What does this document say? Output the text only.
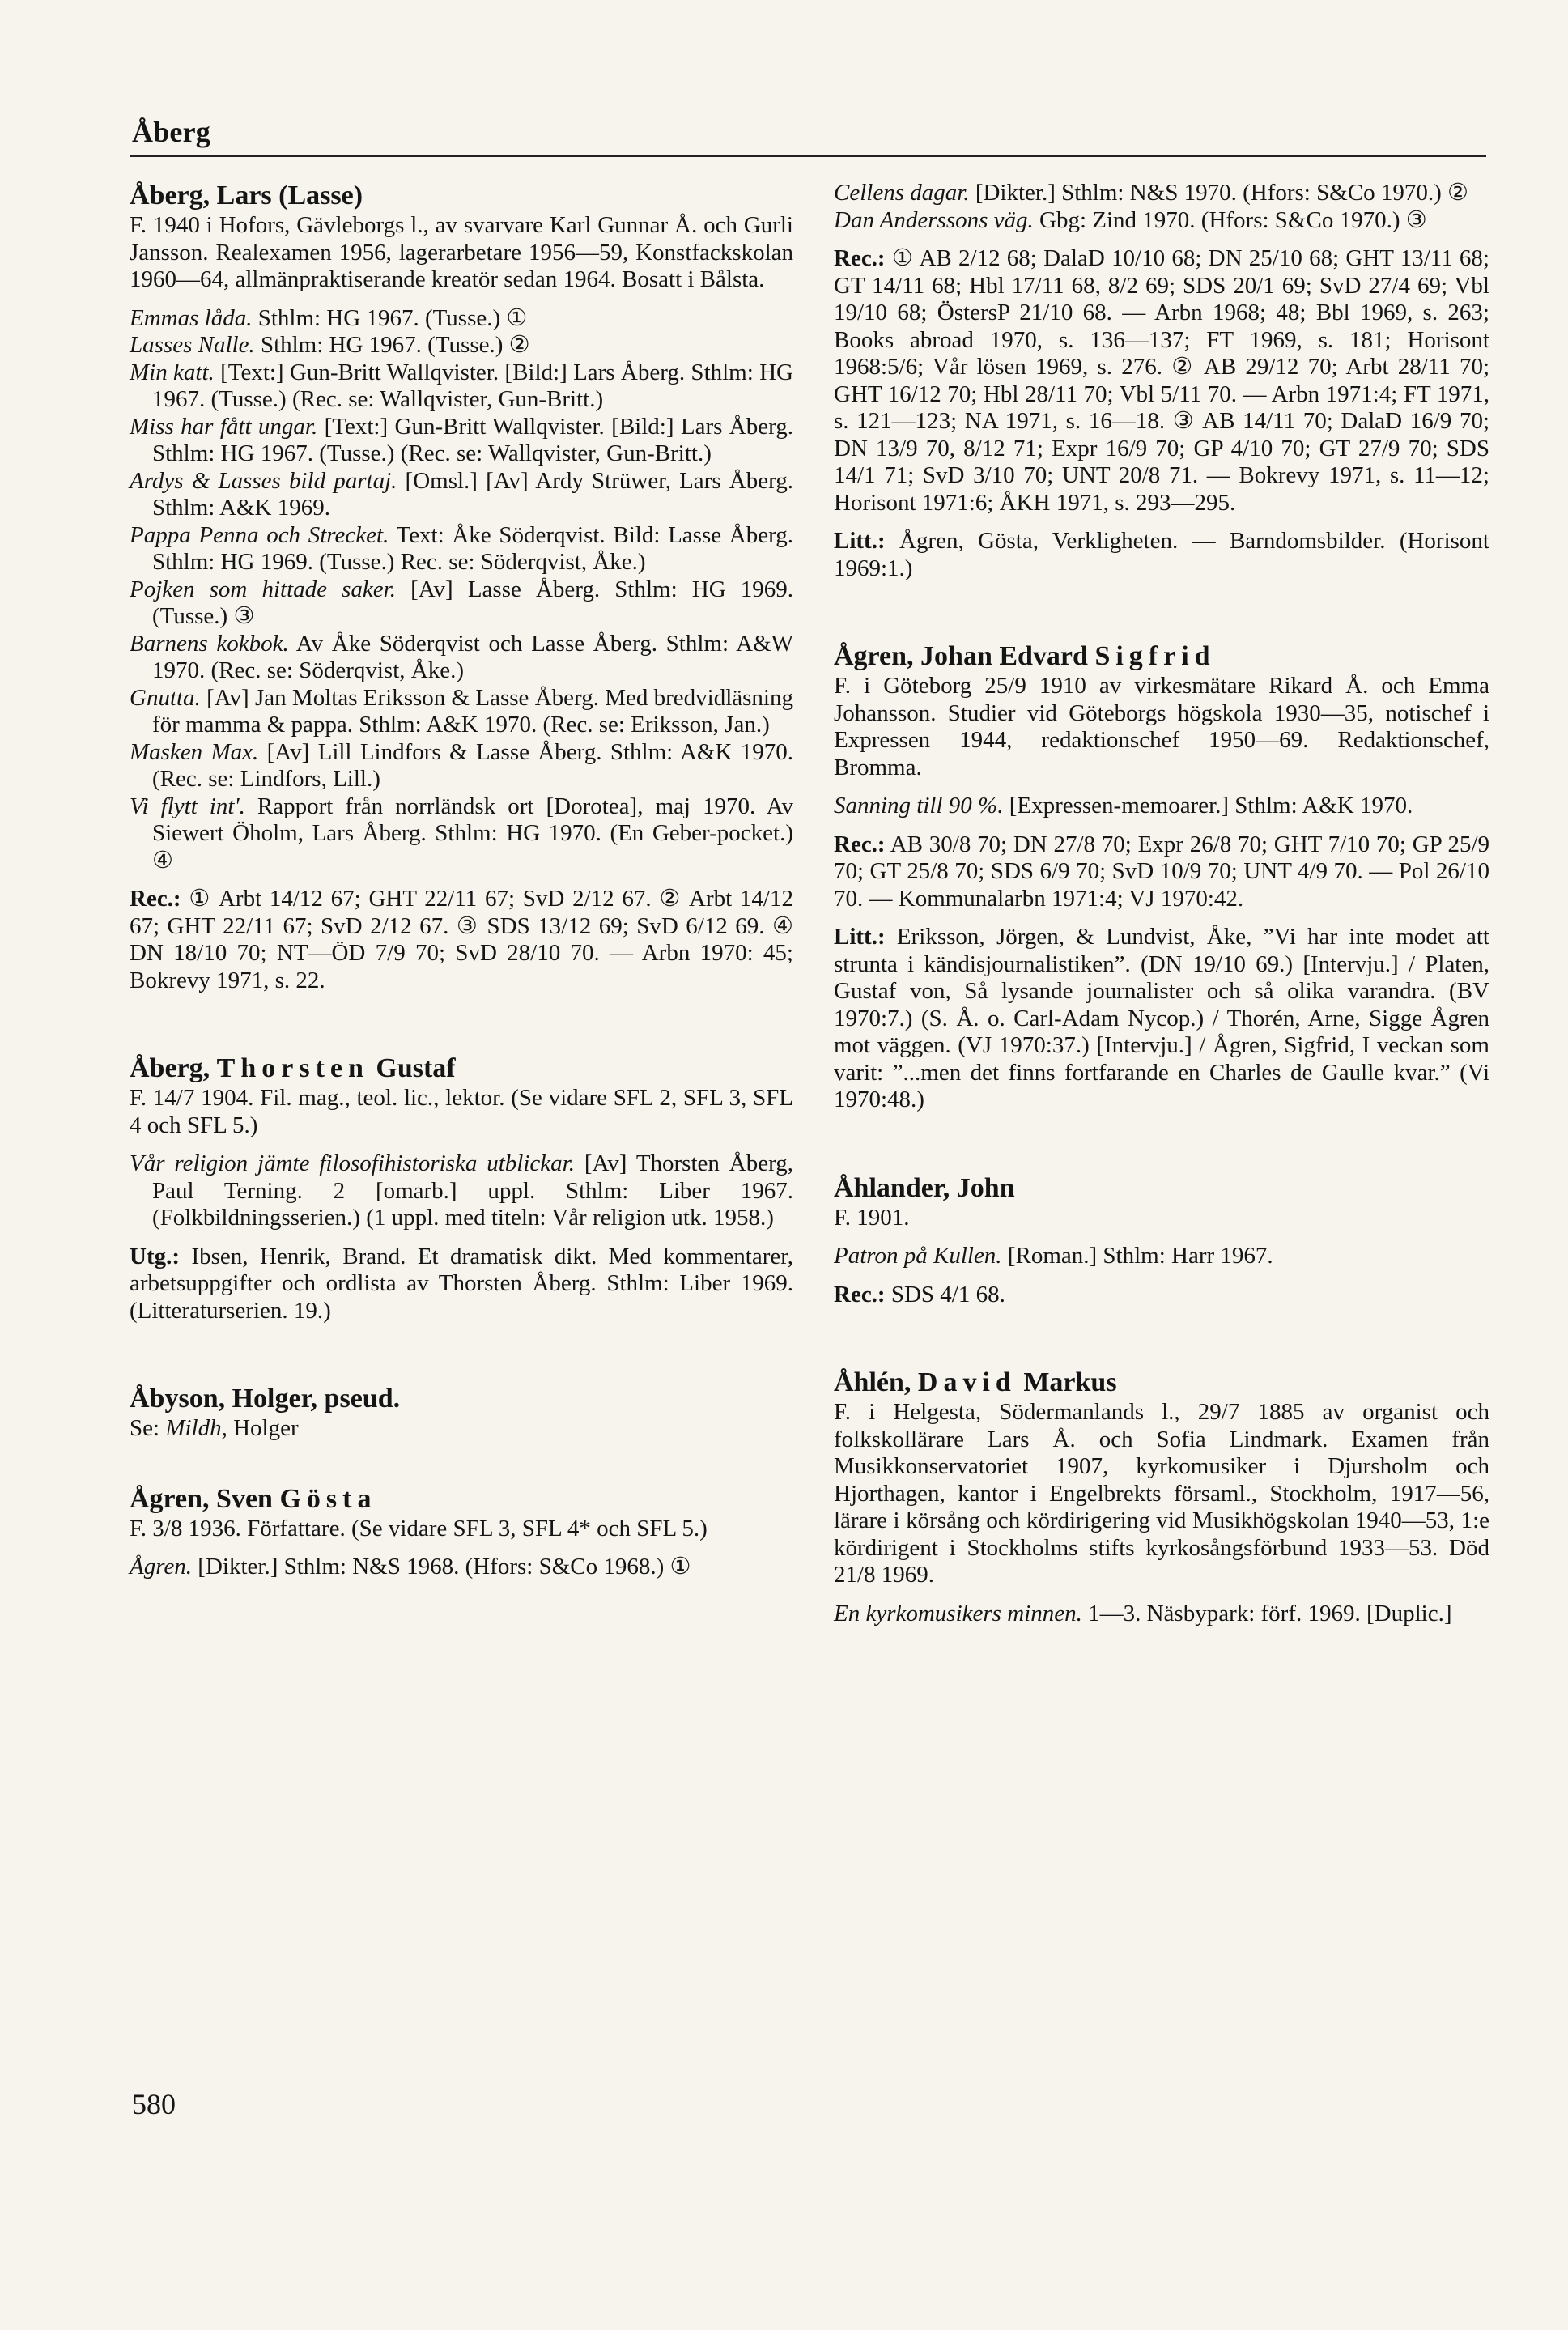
Åberg

Åberg, Lars (Lasse)

F. 1940 i Hofors, Gävleborgs l., av svarvare Karl Gunnar Å. och Gurli Jansson. Realexamen 1956, lagerarbetare 1956—59, Konstfackskolan 1960—64, allmänpraktiserande kreatör sedan 1964. Bosatt i Bålsta.

Emmas låda. Sthlm: HG 1967. (Tusse.) ①

Lasses Nalle. Sthlm: HG 1967. (Tusse.) ②

Min katt. [Text:] Gun-Britt Wallqvister. [Bild:] Lars Åberg. Sthlm: HG 1967. (Tusse.) (Rec. se: Wallqvister, Gun-Britt.)

Miss har fått ungar. [Text:] Gun-Britt Wallqvister. [Bild:] Lars Åberg. Sthlm: HG 1967. (Tusse.) (Rec. se: Wallqvister, Gun-Britt.)

Ardys & Lasses bild partaj. [Omsl.] [Av] Ardy Strüwer, Lars Åberg. Sthlm: A&K 1969.

Pappa Penna och Strecket. Text: Åke Söderqvist. Bild: Lasse Åberg. Sthlm: HG 1969. (Tusse.) Rec. se: Söderqvist, Åke.)

Pojken som hittade saker. [Av] Lasse Åberg. Sthlm: HG 1969. (Tusse.) ③

Barnens kokbok. Av Åke Söderqvist och Lasse Åberg. Sthlm: A&W 1970. (Rec. se: Söderqvist, Åke.)

Gnutta. [Av] Jan Moltas Eriksson & Lasse Åberg. Med bredvidläsning för mamma & pappa. Sthlm: A&K 1970. (Rec. se: Eriksson, Jan.)

Masken Max. [Av] Lill Lindfors & Lasse Åberg. Sthlm: A&K 1970. (Rec. se: Lindfors, Lill.)

Vi flytt int'. Rapport från norrländsk ort [Dorotea], maj 1970. Av Siewert Öholm, Lars Åberg. Sthlm: HG 1970. (En Geber-pocket.) ④

Rec.: ① Arbt 14/12 67; GHT 22/11 67; SvD 2/12 67. ② Arbt 14/12 67; GHT 22/11 67; SvD 2/12 67. ③ SDS 13/12 69; SvD 6/12 69. ④ DN 18/10 70; NT—ÖD 7/9 70; SvD 28/10 70. — Arbn 1970: 45; Bokrevy 1971, s. 22.

Åberg, Thorsten Gustaf

F. 14/7 1904. Fil. mag., teol. lic., lektor. (Se vidare SFL 2, SFL 3, SFL 4 och SFL 5.)

Vår religion jämte filosofihistoriska utblickar. [Av] Thorsten Åberg, Paul Terning. 2 [omarb.] uppl. Sthlm: Liber 1967. (Folkbildningsserien.) (1 uppl. med titeln: Vår religion utk. 1958.)

Utg.: Ibsen, Henrik, Brand. Et dramatisk dikt. Med kommentarer, arbetsuppgifter och ordlista av Thorsten Åberg. Sthlm: Liber 1969. (Litteraturserien. 19.)

Åbyson, Holger, pseud.

Se: Mildh, Holger

Ågren, Sven Gösta

F. 3/8 1936. Författare. (Se vidare SFL 3, SFL 4* och SFL 5.)

Ågren. [Dikter.] Sthlm: N&S 1968. (Hfors: S&Co 1968.) ①

Cellens dagar. [Dikter.] Sthlm: N&S 1970. (Hfors: S&Co 1970.) ②

Dan Anderssons väg. Gbg: Zind 1970. (Hfors: S&Co 1970.) ③

Rec.: ① AB 2/12 68; DalaD 10/10 68; DN 25/10 68; GHT 13/11 68; GT 14/11 68; Hbl 17/11 68, 8/2 69; SDS 20/1 69; SvD 27/4 69; Vbl 19/10 68; ÖstersP 21/10 68. — Arbn 1968; 48; Bbl 1969, s. 263; Books abroad 1970, s. 136—137; FT 1969, s. 181; Horisont 1968:5/6; Vår lösen 1969, s. 276. ② AB 29/12 70; Arbt 28/11 70; GHT 16/12 70; Hbl 28/11 70; Vbl 5/11 70. — Arbn 1971:4; FT 1971, s. 121—123; NA 1971, s. 16—18. ③ AB 14/11 70; DalaD 16/9 70; DN 13/9 70, 8/12 71; Expr 16/9 70; GP 4/10 70; GT 27/9 70; SDS 14/1 71; SvD 3/10 70; UNT 20/8 71. — Bokrevy 1971, s. 11—12; Horisont 1971:6; ÅKH 1971, s. 293—295.

Litt.: Ågren, Gösta, Verkligheten. — Barndomsbilder. (Horisont 1969:1.)

Ågren, Johan Edvard Sigfrid

F. i Göteborg 25/9 1910 av virkesmätare Rikard Å. och Emma Johansson. Studier vid Göteborgs högskola 1930—35, notischef i Expressen 1944, redaktionschef 1950—69. Redaktionschef, Bromma.

Sanning till 90 %. [Expressen-memoarer.] Sthlm: A&K 1970.

Rec.: AB 30/8 70; DN 27/8 70; Expr 26/8 70; GHT 7/10 70; GP 25/9 70; GT 25/8 70; SDS 6/9 70; SvD 10/9 70; UNT 4/9 70. — Pol 26/10 70. — Kommunalarbn 1971:4; VJ 1970:42.

Litt.: Eriksson, Jörgen, & Lundvist, Åke, ”Vi har inte modet att strunta i kändisjournalistiken”. (DN 19/10 69.) [Intervju.] / Platen, Gustaf von, Så lysande journalister och så olika varandra. (BV 1970:7.) (S. Å. o. Carl-Adam Nycop.) / Thorén, Arne, Sigge Ågren mot väggen. (VJ 1970:37.) [Intervju.] / Ågren, Sigfrid, I veckan som varit: ”...men det finns fortfarande en Charles de Gaulle kvar.” (Vi 1970:48.)

Åhlander, John

F. 1901.

Patron på Kullen. [Roman.] Sthlm: Harr 1967.

Rec.: SDS 4/1 68.

Åhlén, David Markus

F. i Helgesta, Södermanlands l., 29/7 1885 av organist och folkskollärare Lars Å. och Sofia Lindmark. Examen från Musikkonservatoriet 1907, kyrkomusiker i Djursholm och Hjorthagen, kantor i Engelbrekts församl., Stockholm, 1917—56, lärare i körsång och kördirigering vid Musikhögskolan 1940—53, 1:e kördirigent i Stockholms stifts kyrkosångsförbund 1933—53. Död 21/8 1969.

En kyrkomusikers minnen. 1—3. Näsbypark: förf. 1969. [Duplic.]

580
